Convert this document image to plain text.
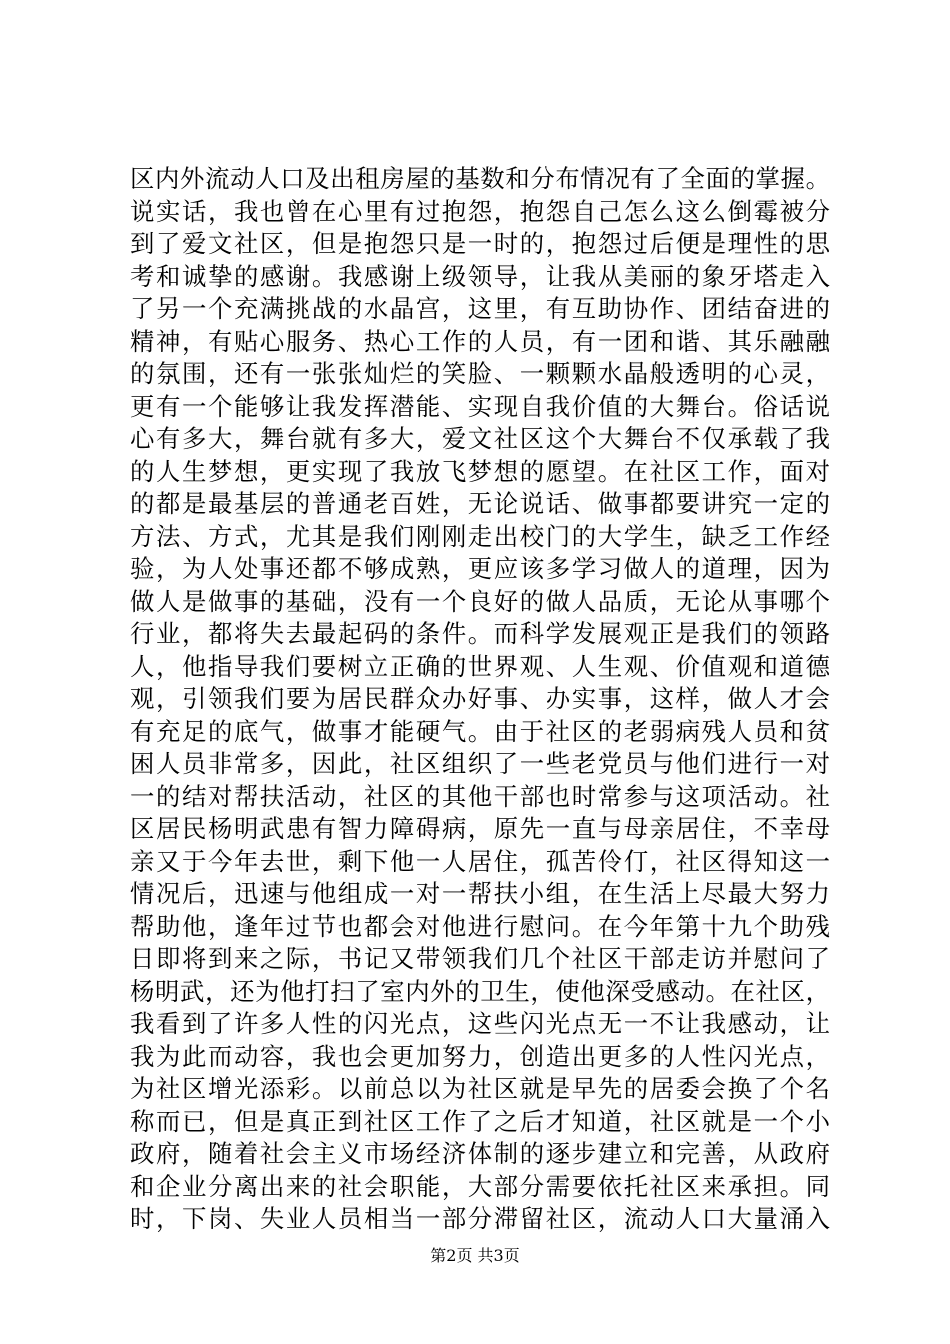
区内外流动人口及出租房屋的基数和分布情况有了全面的掌握。
说实话，我也曾在心里有过抱怨，抱怨自己怎么这么倒霉被分
到了爱文社区，但是抱怨只是一时的，抱怨过后便是理性的思
考和诚挚的感谢。我感谢上级领导，让我从美丽的象牙塔走入
了另一个充满挑战的水晶宫，这里，有互助协作、团结奋进的
精神，有贴心服务、热心工作的人员，有一团和谐、其乐融融
的氛围，还有一张张灿烂的笑脸、一颗颗水晶般透明的心灵，
更有一个能够让我发挥潜能、实现自我价值的大舞台。俗话说
心有多大，舞台就有多大，爱文社区这个大舞台不仅承载了我
的人生梦想，更实现了我放飞梦想的愿望。在社区工作，面对
的都是最基层的普通老百姓，无论说话、做事都要讲究一定的
方法、方式，尤其是我们刚刚走出校门的大学生，缺乏工作经
验，为人处事还都不够成熟，更应该多学习做人的道理，因为
做人是做事的基础，没有一个良好的做人品质，无论从事哪个
行业，都将失去最起码的条件。而科学发展观正是我们的领路
人，他指导我们要树立正确的世界观、人生观、价值观和道德
观，引领我们要为居民群众办好事、办实事，这样，做人才会
有充足的底气，做事才能硬气。由于社区的老弱病残人员和贫
困人员非常多，因此，社区组织了一些老党员与他们进行一对
一的结对帮扶活动，社区的其他干部也时常参与这项活动。社
区居民杨明武患有智力障碍病，原先一直与母亲居住，不幸母
亲又于今年去世，剩下他一人居住，孤苦伶仃，社区得知这一
情况后，迅速与他组成一对一帮扶小组，在生活上尽最大努力
帮助他，逢年过节也都会对他进行慰问。在今年第十九个助残
日即将到来之际，书记又带领我们几个社区干部走访并慰问了
杨明武，还为他打扫了室内外的卫生，使他深受感动。在社区，
我看到了许多人性的闪光点，这些闪光点无一不让我感动，让
我为此而动容，我也会更加努力，创造出更多的人性闪光点，
为社区增光添彩。以前总以为社区就是早先的居委会换了个名
称而已，但是真正到社区工作了之后才知道，社区就是一个小
政府，随着社会主义市场经济体制的逐步建立和完善，从政府
和企业分离出来的社会职能，大部分需要依托社区来承担。同
时，下岗、失业人员相当一部分滞留社区，流动人口大量涌入
第2页 共3页
